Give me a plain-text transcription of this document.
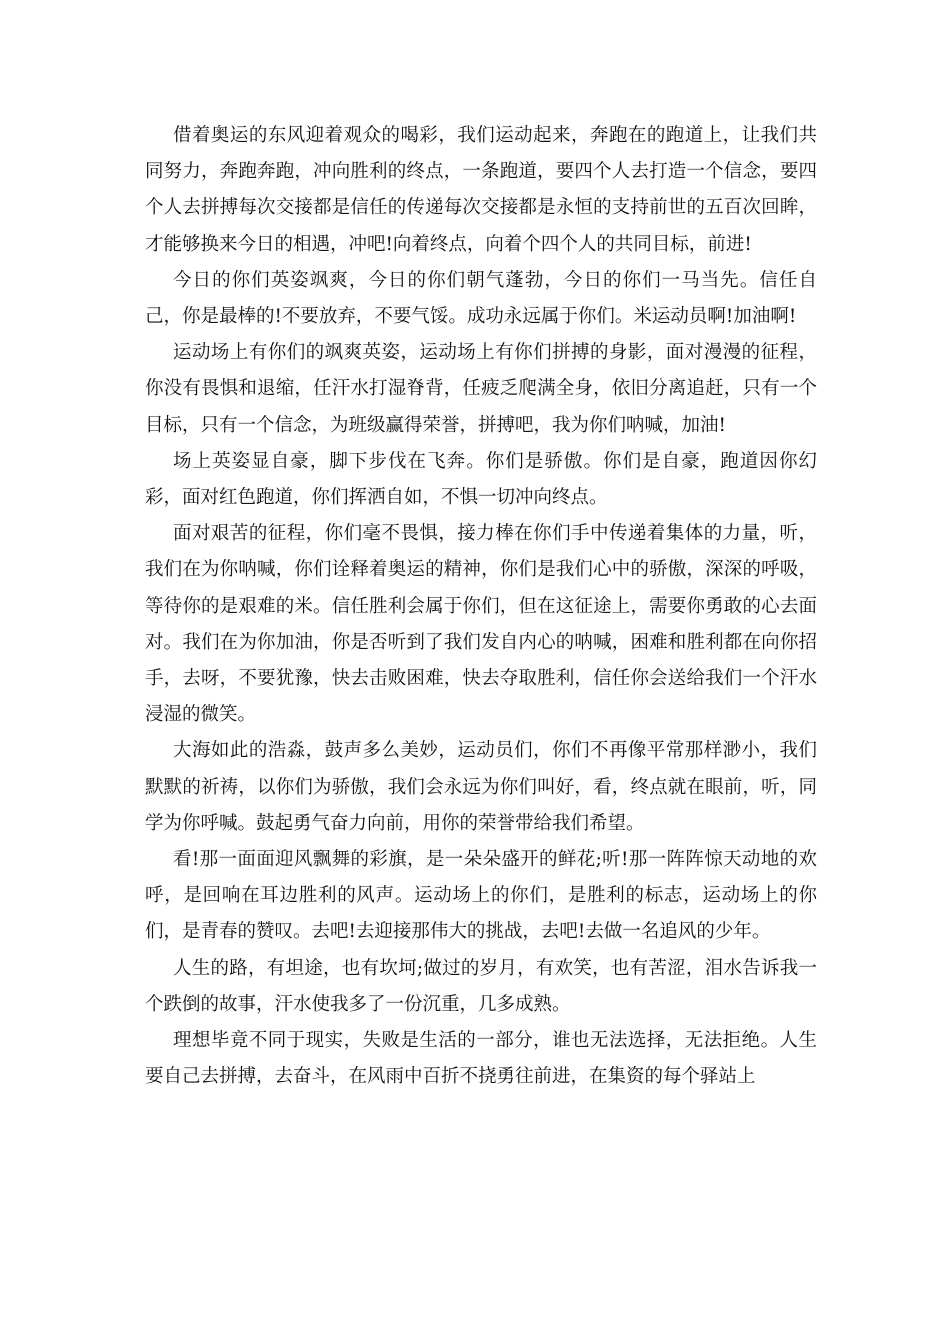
借着奥运的东风迎着观众的喝彩，我们运动起来，奔跑在的跑道上，让我们共同努力，奔跑奔跑，冲向胜利的终点，一条跑道，要四个人去打造一个信念，要四个人去拼搏每次交接都是信任的传递每次交接都是永恒的支持前世的五百次回眸，才能够换来今日的相遇，冲吧!向着终点，向着个四个人的共同目标，前进!

今日的你们英姿飒爽，今日的你们朝气蓬勃，今日的你们一马当先。信任自己，你是最棒的!不要放弃，不要气馁。成功永远属于你们。米运动员啊!加油啊!

运动场上有你们的飒爽英姿，运动场上有你们拼搏的身影，面对漫漫的征程，你没有畏惧和退缩，任汗水打湿脊背，任疲乏爬满全身，依旧分离追赶，只有一个目标，只有一个信念，为班级赢得荣誉，拼搏吧，我为你们呐喊，加油!

场上英姿显自豪，脚下步伐在飞奔。你们是骄傲。你们是自豪，跑道因你幻彩，面对红色跑道，你们挥洒自如，不惧一切冲向终点。

面对艰苦的征程，你们毫不畏惧，接力棒在你们手中传递着集体的力量，听，我们在为你呐喊，你们诠释着奥运的精神，你们是我们心中的骄傲，深深的呼吸，等待你的是艰难的米。信任胜利会属于你们，但在这征途上，需要你勇敢的心去面对。我们在为你加油，你是否听到了我们发自内心的呐喊，困难和胜利都在向你招手，去呀，不要犹豫，快去击败困难，快去夺取胜利，信任你会送给我们一个汗水浸湿的微笑。

大海如此的浩淼，鼓声多么美妙，运动员们，你们不再像平常那样渺小，我们默默的祈祷，以你们为骄傲，我们会永远为你们叫好，看，终点就在眼前，听，同学为你呼喊。鼓起勇气奋力向前，用你的荣誉带给我们希望。

看!那一面面迎风飘舞的彩旗，是一朵朵盛开的鲜花;听!那一阵阵惊天动地的欢呼，是回响在耳边胜利的风声。运动场上的你们，是胜利的标志，运动场上的你们，是青春的赞叹。去吧!去迎接那伟大的挑战，去吧!去做一名追风的少年。

人生的路，有坦途，也有坎坷;做过的岁月，有欢笑，也有苦涩，泪水告诉我一个跌倒的故事，汗水使我多了一份沉重，几多成熟。

理想毕竟不同于现实，失败是生活的一部分，谁也无法选择，无法拒绝。人生要自己去拼搏，去奋斗，在风雨中百折不挠勇往前进，在集资的每个驿站上
